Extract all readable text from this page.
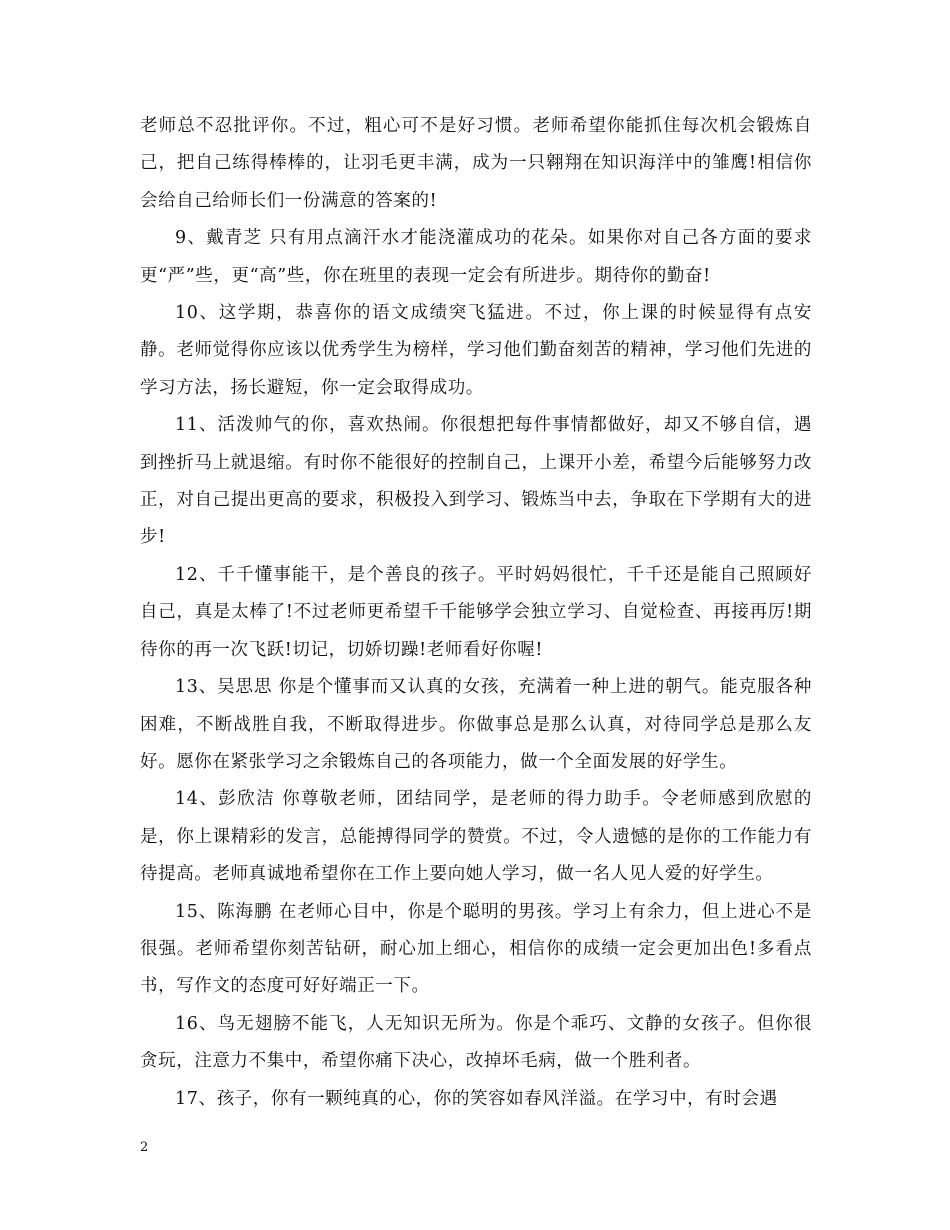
老师总不忍批评你。不过，粗心可不是好习惯。老师希望你能抓住每次机会锻炼自己，把自己练得棒棒的，让羽毛更丰满，成为一只翱翔在知识海洋中的雏鹰!相信你会给自己给师长们一份满意的答案的!

9、戴青芝 只有用点滴汗水才能浇灌成功的花朵。如果你对自己各方面的要求更“严”些，更“高”些，你在班里的表现一定会有所进步。期待你的勤奋!

10、这学期，恭喜你的语文成绩突飞猛进。不过，你上课的时候显得有点安静。老师觉得你应该以优秀学生为榜样，学习他们勤奋刻苦的精神，学习他们先进的学习方法，扬长避短，你一定会取得成功。

11、活泼帅气的你，喜欢热闹。你很想把每件事情都做好，却又不够自信，遇到挫折马上就退缩。有时你不能很好的控制自己，上课开小差，希望今后能够努力改正，对自己提出更高的要求，积极投入到学习、锻炼当中去，争取在下学期有大的进步!

12、千千懂事能干，是个善良的孩子。平时妈妈很忙，千千还是能自己照顾好自己，真是太棒了!不过老师更希望千千能够学会独立学习、自觉检查、再接再厉!期待你的再一次飞跃!切记，切娇切躁!老师看好你喔!

13、吴思思 你是个懂事而又认真的女孩，充满着一种上进的朝气。能克服各种困难，不断战胜自我，不断取得进步。你做事总是那么认真，对待同学总是那么友好。愿你在紧张学习之余锻炼自己的各项能力，做一个全面发展的好学生。

14、彭欣洁 你尊敬老师，团结同学，是老师的得力助手。令老师感到欣慰的是，你上课精彩的发言，总能搏得同学的赞赏。不过，令人遗憾的是你的工作能力有待提高。老师真诚地希望你在工作上要向她人学习，做一名人见人爱的好学生。

15、陈海鹏 在老师心目中，你是个聪明的男孩。学习上有余力，但上进心不是很强。老师希望你刻苦钻研，耐心加上细心，相信你的成绩一定会更加出色!多看点书，写作文的态度可好好端正一下。

16、鸟无翅膀不能飞，人无知识无所为。你是个乖巧、文静的女孩子。但你很贪玩，注意力不集中，希望你痛下决心，改掉坏毛病，做一个胜利者。

17、孩子，你有一颗纯真的心，你的笑容如春风洋溢。在学习中，有时会遇

2
